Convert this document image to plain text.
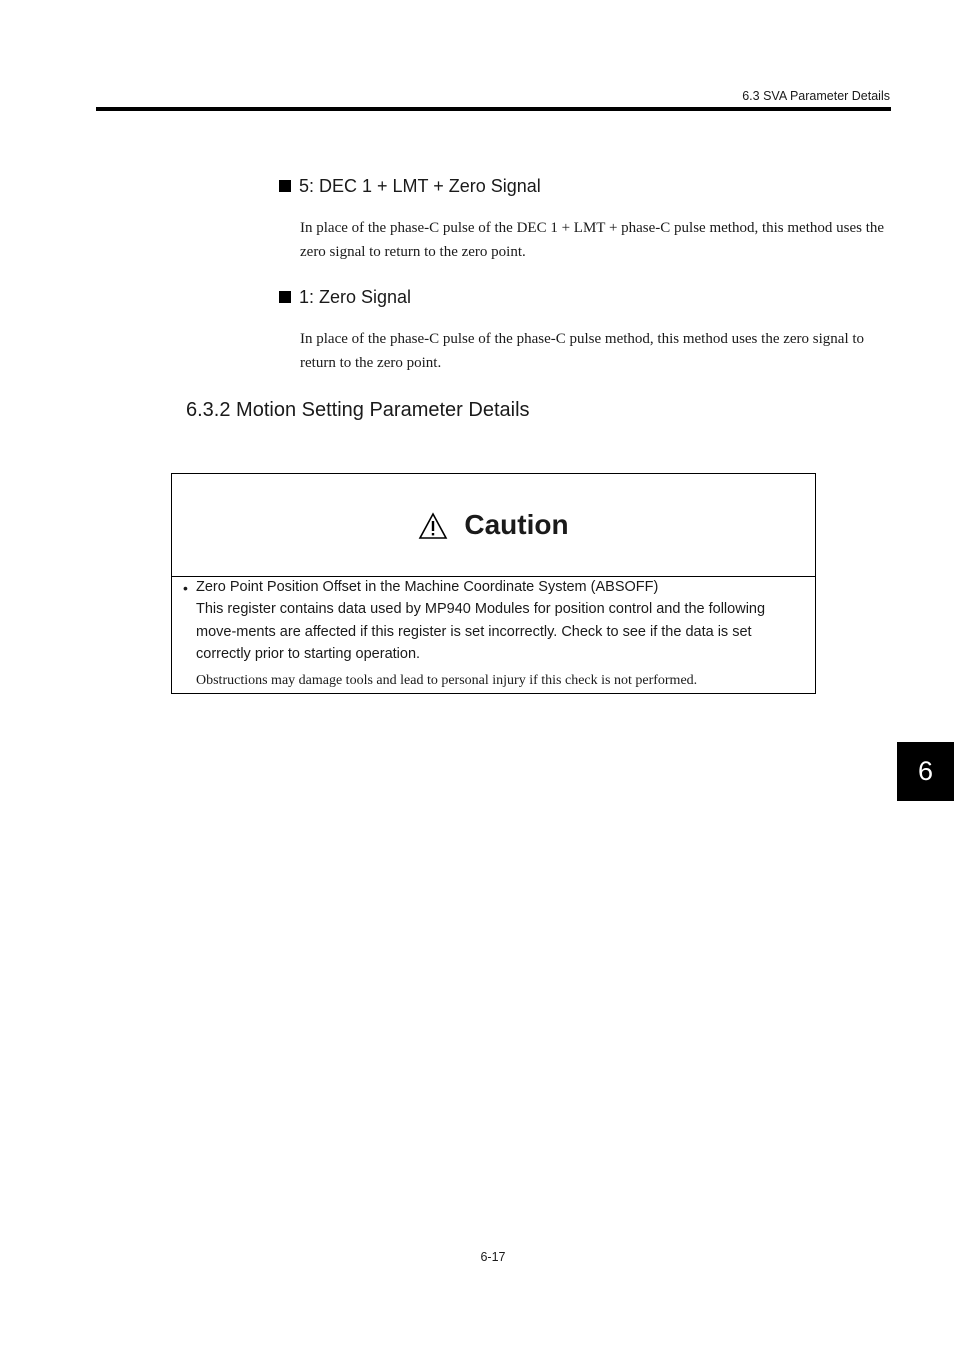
6.3 SVA Parameter Details
5: DEC 1 + LMT + Zero Signal

In place of the phase-C pulse of the DEC 1 + LMT + phase-C pulse method, this method uses the zero signal to return to the zero point.

1: Zero Signal

In place of the phase-C pulse of the phase-C pulse method, this method uses the zero signal to return to the zero point.

6.3.2 Motion Setting Parameter Details
Caution
• Zero Point Position Offset in the Machine Coordinate System (ABSOFF)

This register contains data used by MP940 Modules for position control and the following move-ments are affected if this register is set incorrectly. Check to see if the data is set correctly prior to starting operation.

Obstructions may damage tools and lead to personal injury if this check is not performed.

6
6-17
